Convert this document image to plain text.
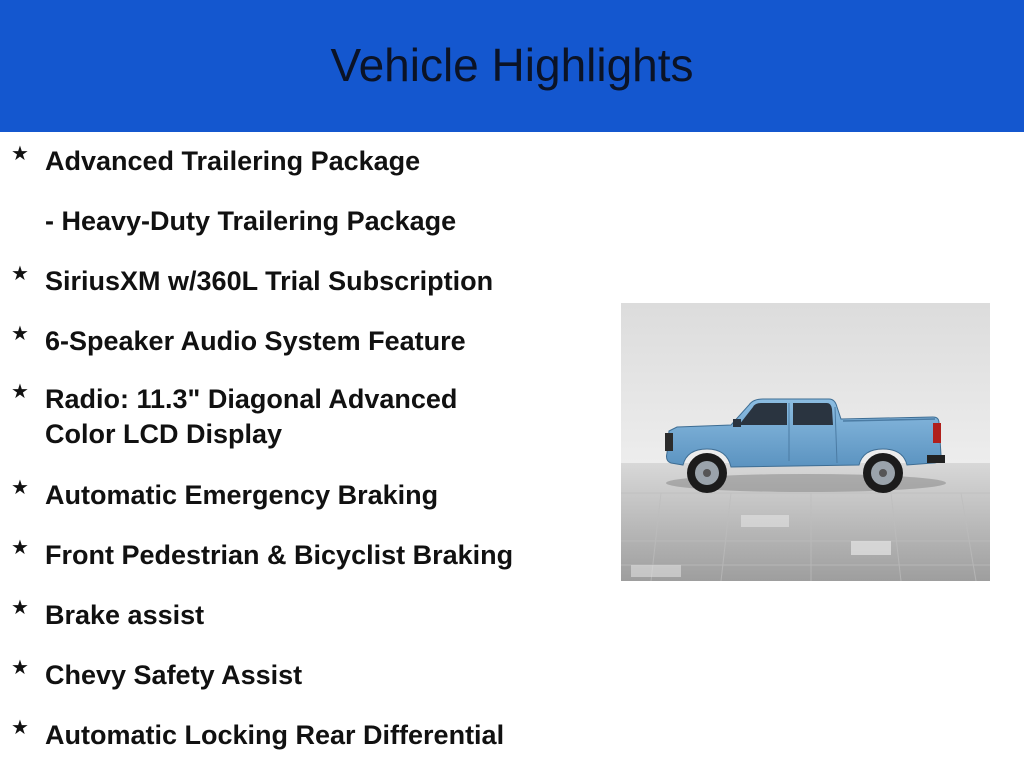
Vehicle Highlights
★ Advanced Trailering Package
- Heavy-Duty Trailering Package
★ SiriusXM w/360L Trial Subscription
★ 6-Speaker Audio System Feature
★ Radio: 11.3" Diagonal Advanced Color LCD Display
★ Automatic Emergency Braking
★ Front Pedestrian & Bicyclist Braking
★ Brake assist
★ Chevy Safety Assist
★ Automatic Locking Rear Differential
